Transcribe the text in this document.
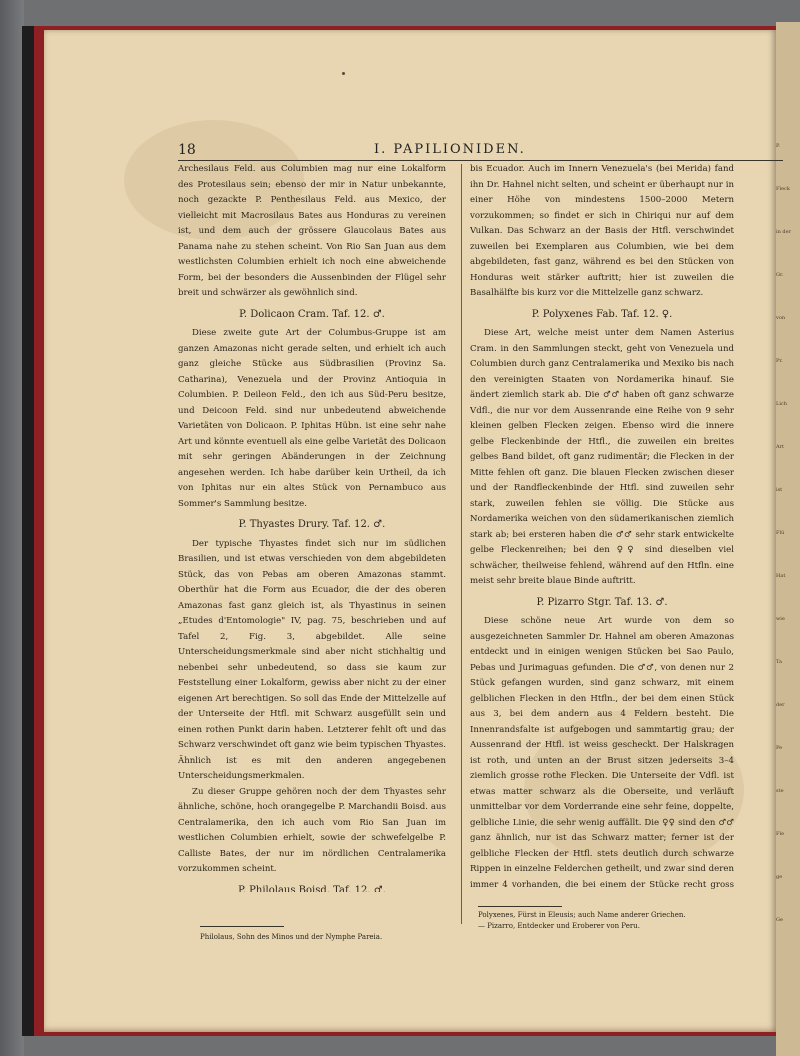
P.
Fleck
in der
Gr.
von
Pr.
Lich
Art
ist
Flü
Hat
wie
Ta
der
Pe
ste
Fle
ge
Ge
18	I. PAPILIONIDEN.

Archesilaus Feld. aus Columbien mag nur eine Lokalform des Protesilaus sein; ebenso der mir in Natur unbekannte, noch gezackte P. Penthesilaus Feld. aus Mexico, der vielleicht mit Macrosilaus Bates aus Honduras zu vereinen ist, und dem auch der grössere Glaucolaus Bates aus Panama nahe zu stehen scheint. Von Rio San Juan aus dem westlichsten Columbien erhielt ich noch eine abweichende Form, bei der besonders die Aussenbinden der Flügel sehr breit und schwärzer als gewöhnlich sind.

P. Dolicaon Cram. Taf. 12. ♂.

Diese zweite gute Art der Columbus-Gruppe ist am ganzen Amazonas nicht gerade selten, und erhielt ich auch ganz gleiche Stücke aus Südbrasilien (Provinz Sa. Catharina), Venezuela und der Provinz Antioquia in Columbien. P. Deileon Feld., den ich aus Süd-Peru besitze, und Deicoon Feld. sind nur unbedeutend abweichende Varietäten von Dolicaon. P. Iphitas Hübn. ist eine sehr nahe Art und könnte eventuell als eine gelbe Varietät des Dolicaon mit sehr geringen Abänderungen in der Zeichnung angesehen werden. Ich habe darüber kein Urtheil, da ich von Iphitas nur ein altes Stück von Pernambuco aus Sommer's Sammlung besitze.

P. Thyastes Drury. Taf. 12. ♂.

Der typische Thyastes findet sich nur im südlichen Brasilien, und ist etwas verschieden von dem abgebildeten Stück, das von Pebas am oberen Amazonas stammt. Oberthür hat die Form aus Ecuador, die der des oberen Amazonas fast ganz gleich ist, als Thyastinus in seinen „Etudes d'Entomologie" IV, pag. 75, beschrieben und auf Tafel 2, Fig. 3, abgebildet. Alle seine Unterscheidungsmerkmale sind aber nicht stichhaltig und nebenbei sehr unbedeutend, so dass sie kaum zur Feststellung einer Lokalform, gewiss aber nicht zu der einer eigenen Art berechtigen. So soll das Ende der Mittelzelle auf der Unterseite der Htfl. mit Schwarz ausgefüllt sein und einen rothen Punkt darin haben. Letzterer fehlt oft und das Schwarz verschwindet oft ganz wie beim typischen Thyastes. Ähnlich ist es mit den anderen angegebenen Unterscheidungsmerkmalen.

Zu dieser Gruppe gehören noch der dem Thyastes sehr ähnliche, schöne, hoch orangegelbe P. Marchandii Boisd. aus Centralamerika, den ich auch vom Rio San Juan im westlichen Columbien erhielt, sowie der schwefelgelbe P. Calliste Bates, der nur im nördlichen Centralamerika vorzukommen scheint.

P. Philolaus Boisd. Taf. 12. ♂.

bis Ecuador. Auch im Innern Venezuela's (bei Merida) fand ihn Dr. Hahnel nicht selten, und scheint er überhaupt nur in einer Höhe von mindestens 1500–2000 Metern vorzukommen; so findet er sich in Chiriqui nur auf dem Vulkan. Das Schwarz an der Basis der Htfl. verschwindet zuweilen bei Exemplaren aus Columbien, wie bei dem abgebildeten, fast ganz, während es bei den Stücken von Honduras weit stärker auftritt; hier ist zuweilen die Basalhälfte bis kurz vor die Mittelzelle ganz schwarz.

P. Polyxenes Fab. Taf. 12. ♀.

Diese Art, welche meist unter dem Namen Asterius Cram. in den Sammlungen steckt, geht von Venezuela und Columbien durch ganz Centralamerika und Mexiko bis nach den vereinigten Staaten von Nordamerika hinauf. Sie ändert ziemlich stark ab. Die ♂♂ haben oft ganz schwarze Vdfl., die nur vor dem Aussenrande eine Reihe von 9 sehr kleinen gelben Flecken zeigen. Ebenso wird die innere gelbe Fleckenbinde der Htfl., die zuweilen ein breites gelbes Band bildet, oft ganz rudimentär; die Flecken in der Mitte fehlen oft ganz. Die blauen Flecken zwischen dieser und der Randfleckenbinde der Htfl. sind zuweilen sehr stark, zuweilen fehlen sie völlig. Die Stücke aus Nordamerika weichen von den südamerikanischen ziemlich stark ab; bei ersteren haben die ♂♂ sehr stark entwickelte gelbe Fleckenreihen; bei den ♀♀ sind dieselben viel schwächer, theilweise fehlend, während auf den Htfln. eine meist sehr breite blaue Binde auftritt.

P. Pizarro Stgr. Taf. 13. ♂.

Diese schöne neue Art wurde von dem so ausgezeichneten Sammler Dr. Hahnel am oberen Amazonas entdeckt und in einigen wenigen Stücken bei Sao Paulo, Pebas und Jurimaguas gefunden. Die ♂♂, von denen nur 2 Stück gefangen wurden, sind ganz schwarz, mit einem gelblichen Flecken in den Htfln., der bei dem einen Stück aus 3, bei dem andern aus 4 Feldern besteht. Die Innenrandsfalte ist aufgebogen und sammtartig grau; der Aussenrand der Htfl. ist weiss gescheckt. Der Halskragen ist roth, und unten an der Brust sitzen jederseits 3–4 ziemlich grosse rothe Flecken. Die Unterseite der Vdfl. ist etwas matter schwarz als die Oberseite, und verläuft unmittelbar vor dem Vorderrande eine sehr feine, doppelte, gelbliche Linie, die sehr wenig auffällt. Die ♀♀ sind den ♂♂ ganz ähnlich, nur ist das Schwarz matter; ferner ist der gelbliche Flecken der Htfl. stets deutlich durch schwarze Rippen in einzelne Felderchen getheilt, und zwar sind deren immer 4 vorhanden, die bei einem der Stücke recht gross

Philolaus, Sohn des Minos und der Nymphe Pareia.
Polyxenes, Fürst in Eleusis; auch Name anderer Griechen.
— Pizarro, Entdecker und Eroberer von Peru.
